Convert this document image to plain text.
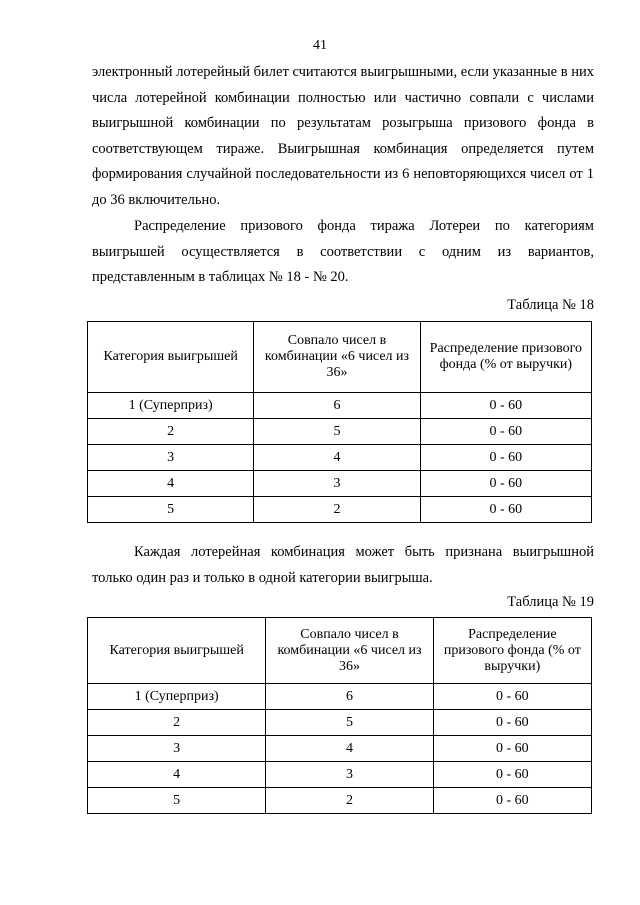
41

электронный лотерейный билет считаются выигрышными, если указанные в них числа лотерейной комбинации полностью или частично совпали с числами выигрышной комбинации по результатам розыгрыша призового фонда в соответствующем тираже. Выигрышная комбинация определяется путем формирования случайной последовательности из 6 неповторяющихся чисел от 1 до 36 включительно.

Распределение призового фонда тиража Лотереи по категориям выигрышей осуществляется в соответствии с одним из вариантов, представленным в таблицах № 18 - № 20.

Таблица № 18
Категория выигрышей	Совпало чисел в комбинации «6 чисел из 36»	Распределение призового фонда (% от выручки)
1 (Суперприз)	6	0 - 60
2	5	0 - 60
3	4	0 - 60
4	3	0 - 60
5	2	0 - 60

Каждая лотерейная комбинация может быть признана выигрышной только один раз и только в одной категории выигрыша.

Таблица № 19
Категория выигрышей	Совпало чисел в комбинации «6 чисел из 36»	Распределение призового фонда (% от выручки)
1 (Суперприз)	6	0 - 60
2	5	0 - 60
3	4	0 - 60
4	3	0 - 60
5	2	0 - 60
